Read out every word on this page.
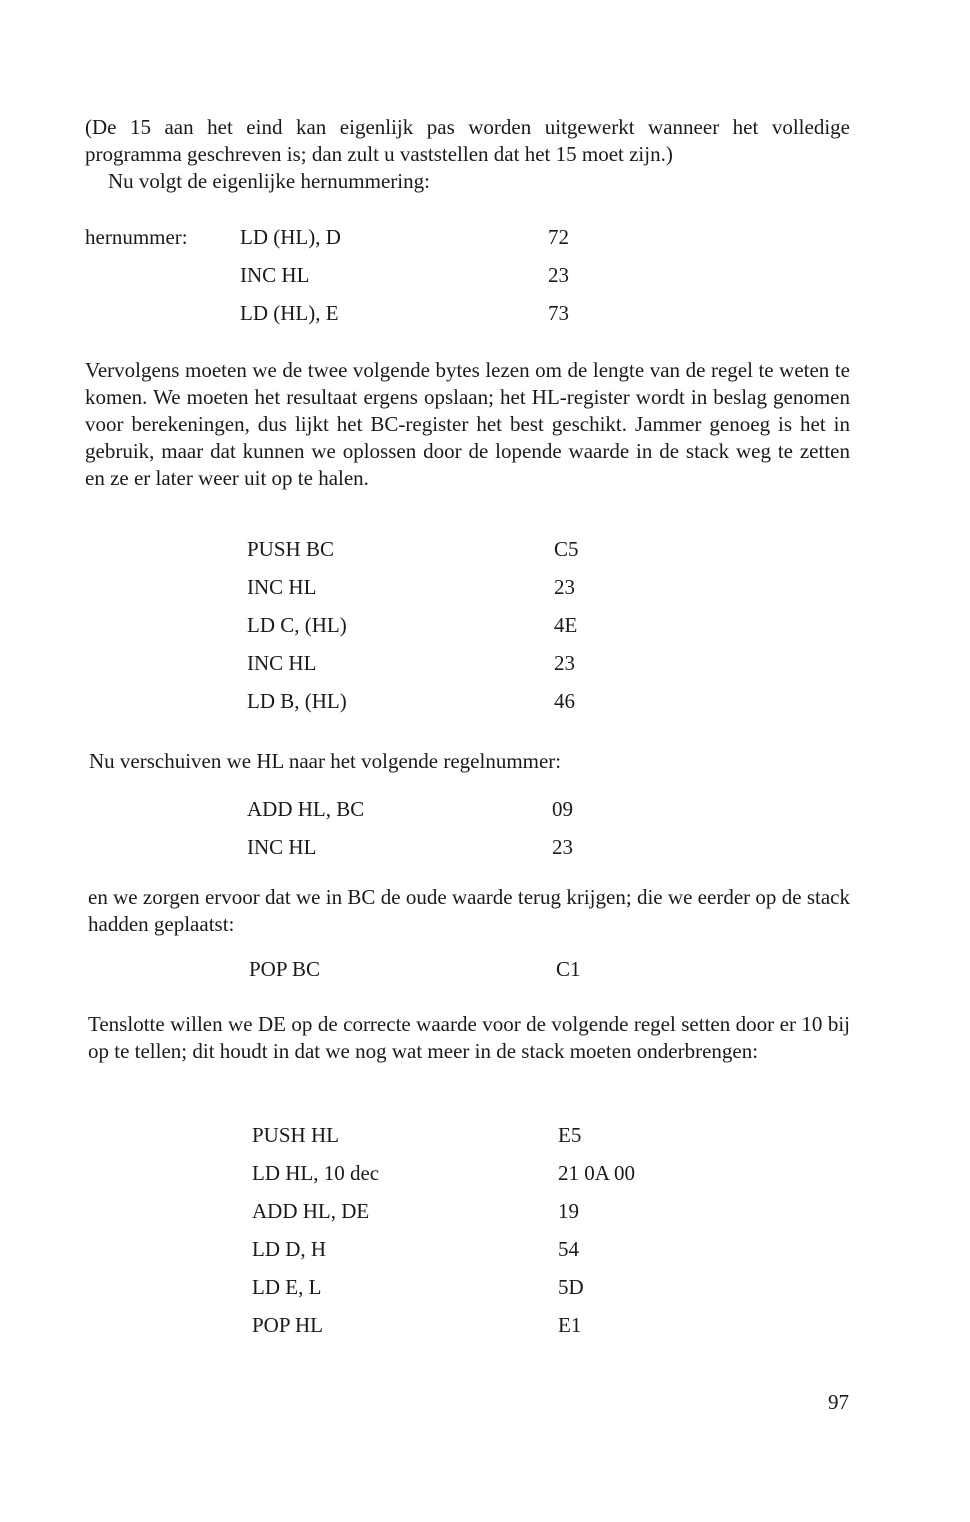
(De 15 aan het eind kan eigenlijk pas worden uitgewerkt wanneer het volledige programma geschreven is; dan zult u vaststellen dat het 15 moet zijn.)
Nu volgt de eigenlijke hernummering:

hernummer: LD (HL), D	72
INC HL	23
LD (HL), E	73

Vervolgens moeten we de twee volgende bytes lezen om de lengte van de regel te weten te komen. We moeten het resultaat ergens opslaan; het HL-register wordt in beslag genomen voor berekeningen, dus lijkt het BC-register het best geschikt. Jammer genoeg is het in gebruik, maar dat kunnen we oplossen door de lopende waarde in de stack weg te zetten en ze er later weer uit op te halen.

PUSH BC	C5
INC HL	23
LD C, (HL)	4E
INC HL	23
LD B, (HL)	46

Nu verschuiven we HL naar het volgende regelnummer:

ADD HL, BC	09
INC HL	23

en we zorgen ervoor dat we in BC de oude waarde terug krijgen; die we eerder op de stack hadden geplaatst:

POP BC	C1

Tenslotte willen we DE op de correcte waarde voor de volgende regel setten door er 10 bij op te tellen; dit houdt in dat we nog wat meer in de stack moeten onderbrengen:

PUSH HL	E5
LD HL, 10 dec	21 0A 00
ADD HL, DE	19
LD D, H	54
LD E, L	5D
POP HL	E1
97
